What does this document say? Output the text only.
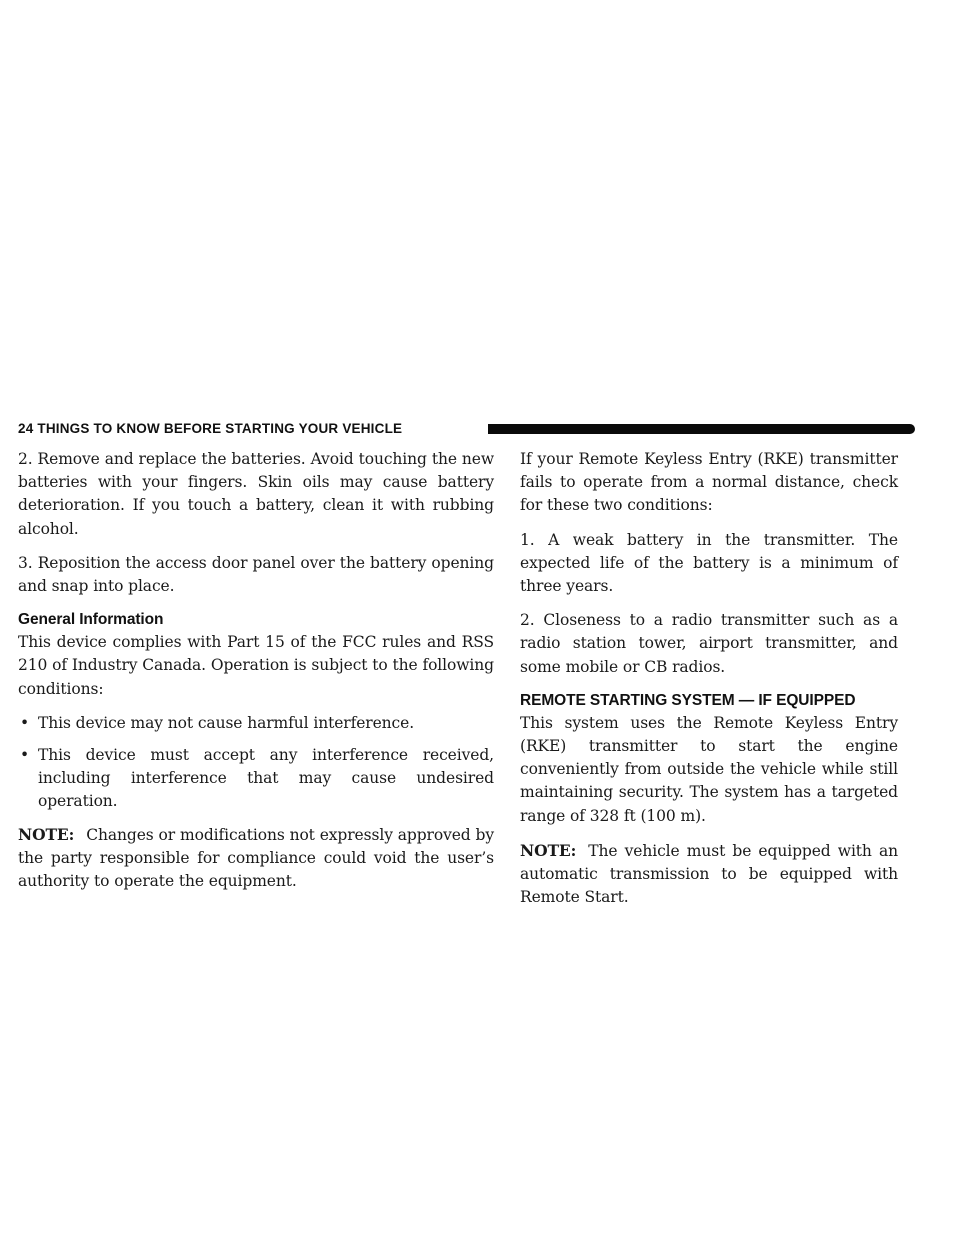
24 THINGS TO KNOW BEFORE STARTING YOUR VEHICLE

2. Remove and replace the batteries. Avoid touching the new batteries with your fingers. Skin oils may cause battery deterioration. If you touch a battery, clean it with rubbing alcohol.

3. Reposition the access door panel over the battery opening and snap into place.

General Information

This device complies with Part 15 of the FCC rules and RSS 210 of Industry Canada. Operation is subject to the following conditions:

• This device may not cause harmful interference.
• This device must accept any interference received, including interference that may cause undesired operation.

NOTE: Changes or modifications not expressly approved by the party responsible for compliance could void the user’s authority to operate the equipment.

If your Remote Keyless Entry (RKE) transmitter fails to operate from a normal distance, check for these two conditions:

1. A weak battery in the transmitter. The expected life of the battery is a minimum of three years.

2. Closeness to a radio transmitter such as a radio station tower, airport transmitter, and some mobile or CB radios.

REMOTE STARTING SYSTEM — IF EQUIPPED

This system uses the Remote Keyless Entry (RKE) transmitter to start the engine conveniently from outside the vehicle while still maintaining security. The system has a targeted range of 328 ft (100 m).

NOTE: The vehicle must be equipped with an automatic transmission to be equipped with Remote Start.
